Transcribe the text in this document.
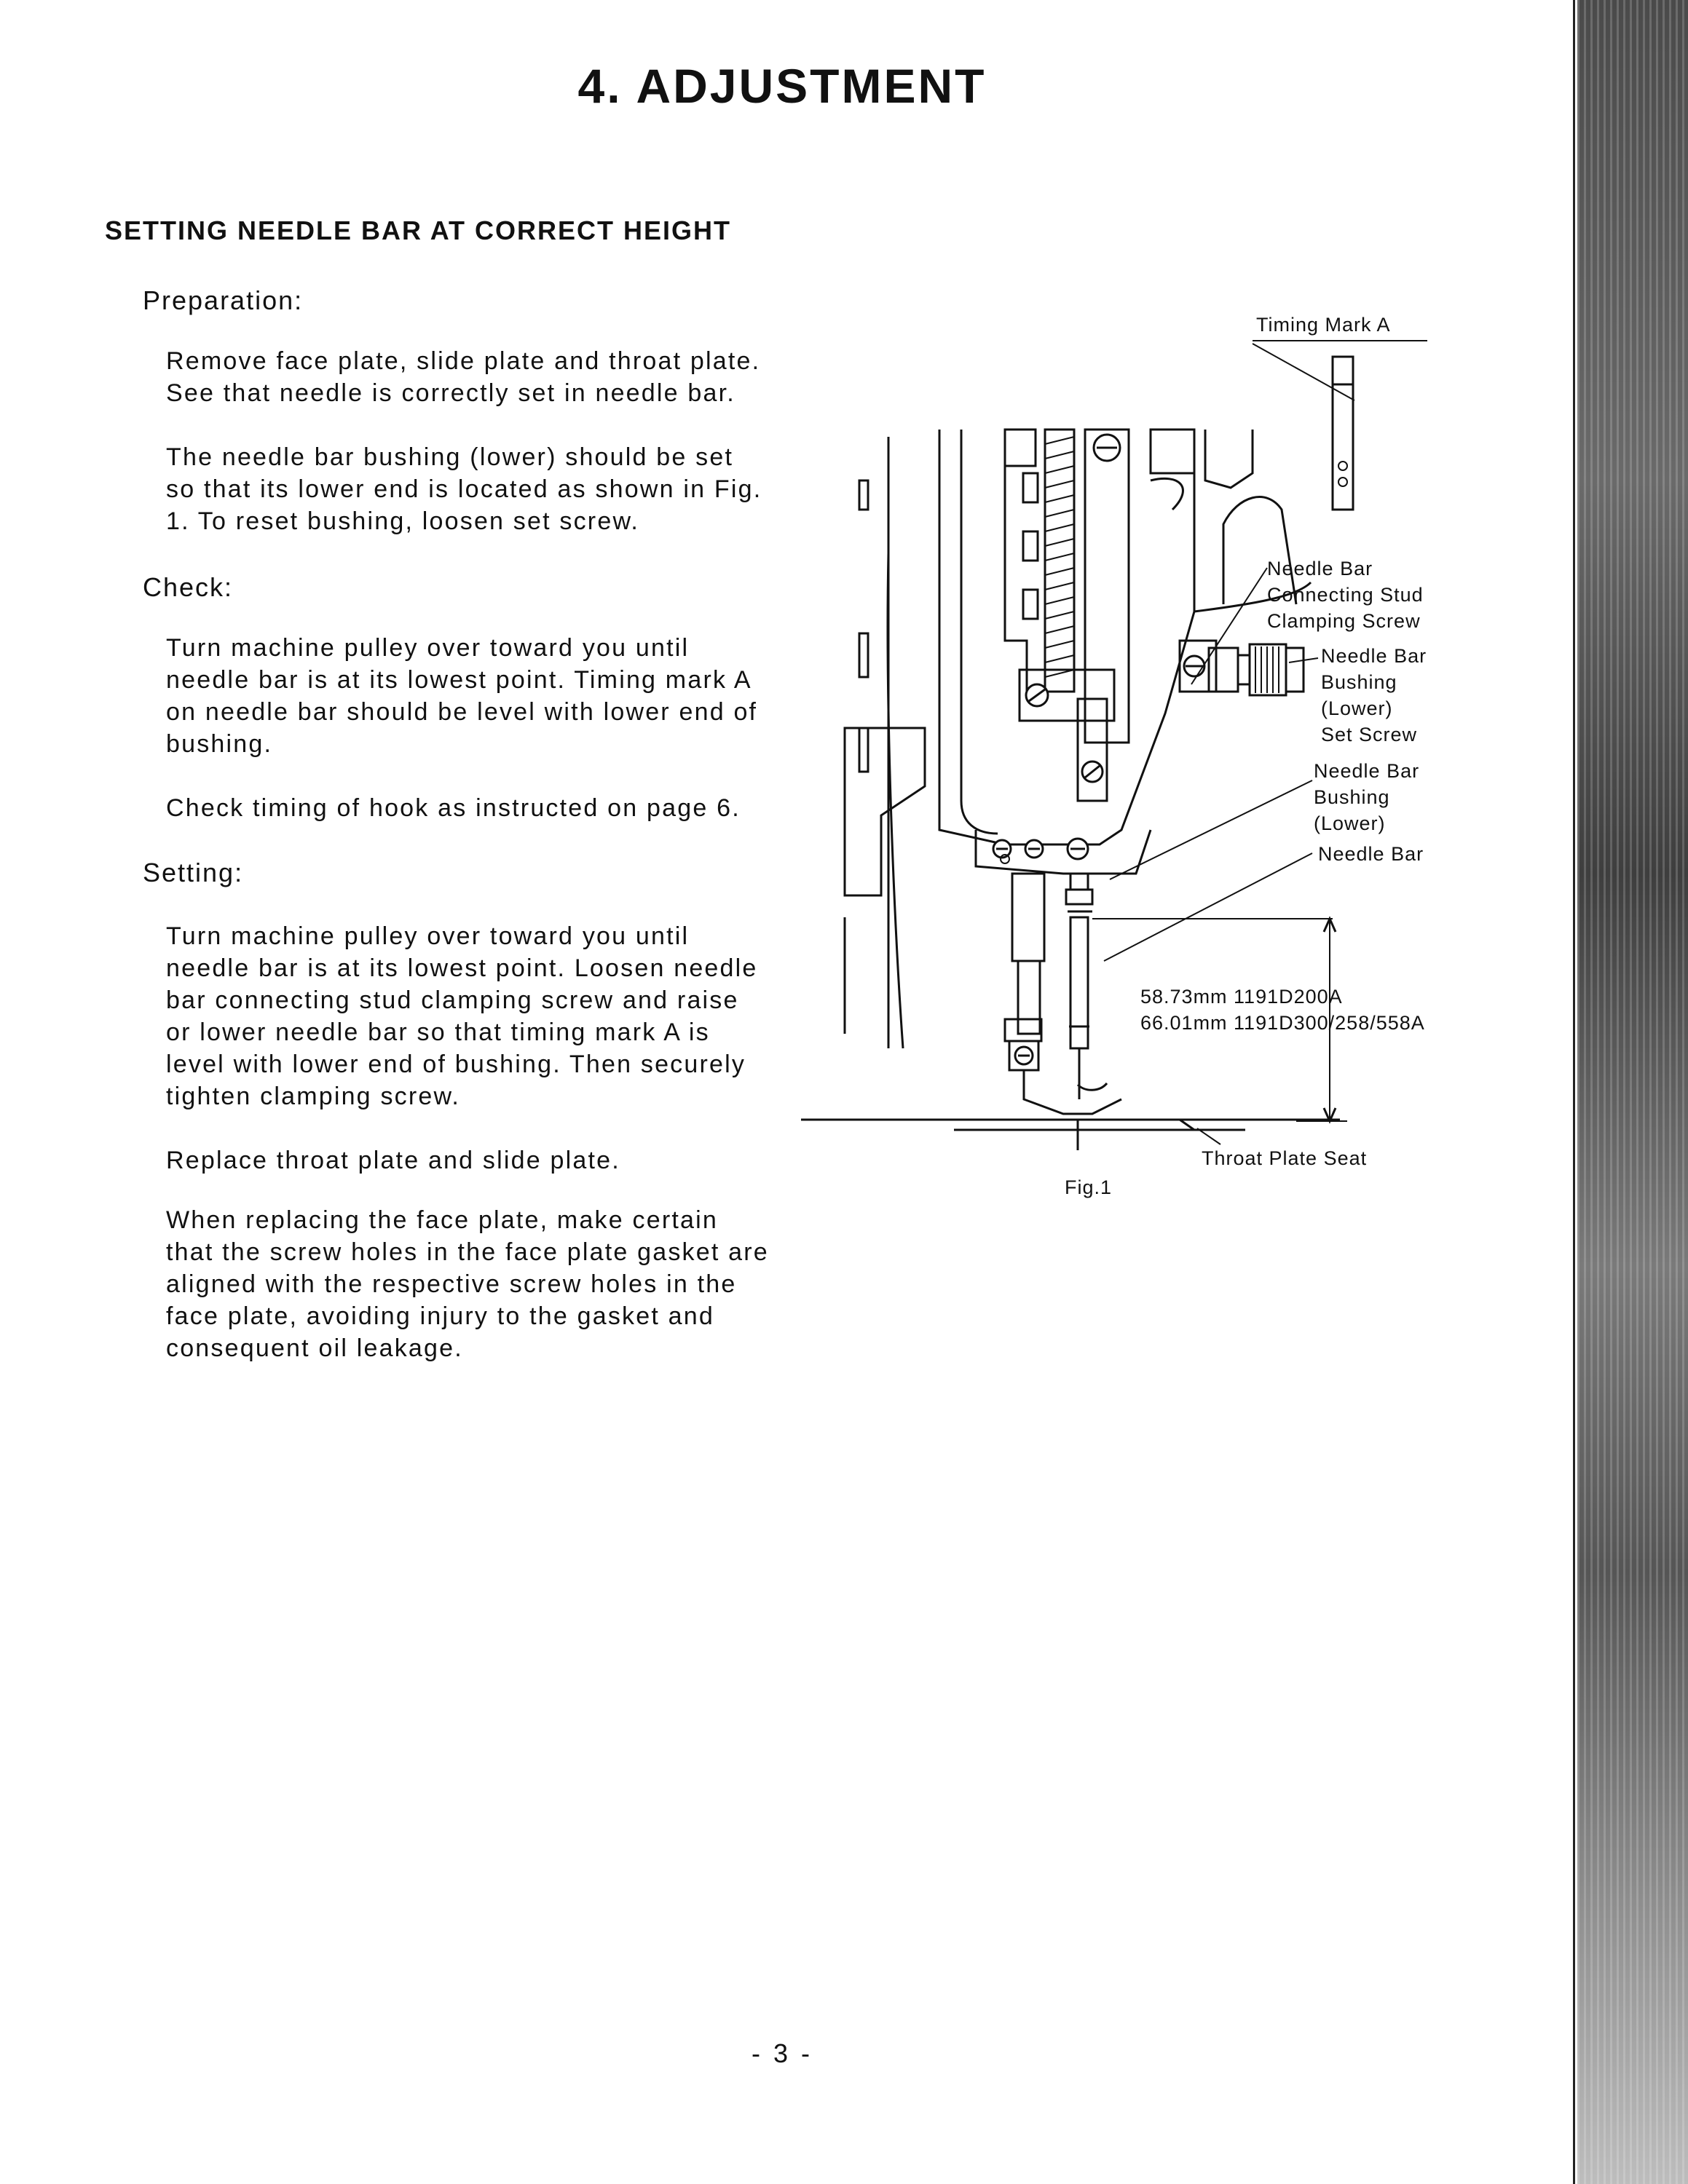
4. ADJUSTMENT
SETTING NEEDLE BAR AT CORRECT HEIGHT
Preparation:
Remove face plate, slide plate and throat plate. See that needle is correctly set in needle bar.
The needle bar bushing (lower) should be set so that its lower end is located as shown in Fig. 1. To reset bushing, loosen set screw.
Check:
Turn machine pulley over toward you until needle bar is at its lowest point. Timing mark A on needle bar should be level with lower end of bushing.
Check timing of hook as instructed on page 6.
Setting:
Turn machine pulley over toward you until needle bar is at its lowest point. Loosen needle bar connecting stud clamping screw and raise or lower needle bar so that timing mark A is level with lower end of bushing. Then securely tighten clamping screw.
Replace throat plate and slide plate.
When replacing the face plate, make certain that the screw holes in the face plate gasket are aligned with the respective screw holes in the face plate, avoiding injury to the gasket and consequent oil leakage.
Timing Mark A
Needle Bar Connecting Stud Clamping Screw
Needle Bar Bushing (Lower) Set Screw
Needle Bar Bushing (Lower)
Needle Bar
58.73mm 1191D200A
66.01mm 1191D300/258/558A
Throat Plate Seat
Fig.1
- 3 -
